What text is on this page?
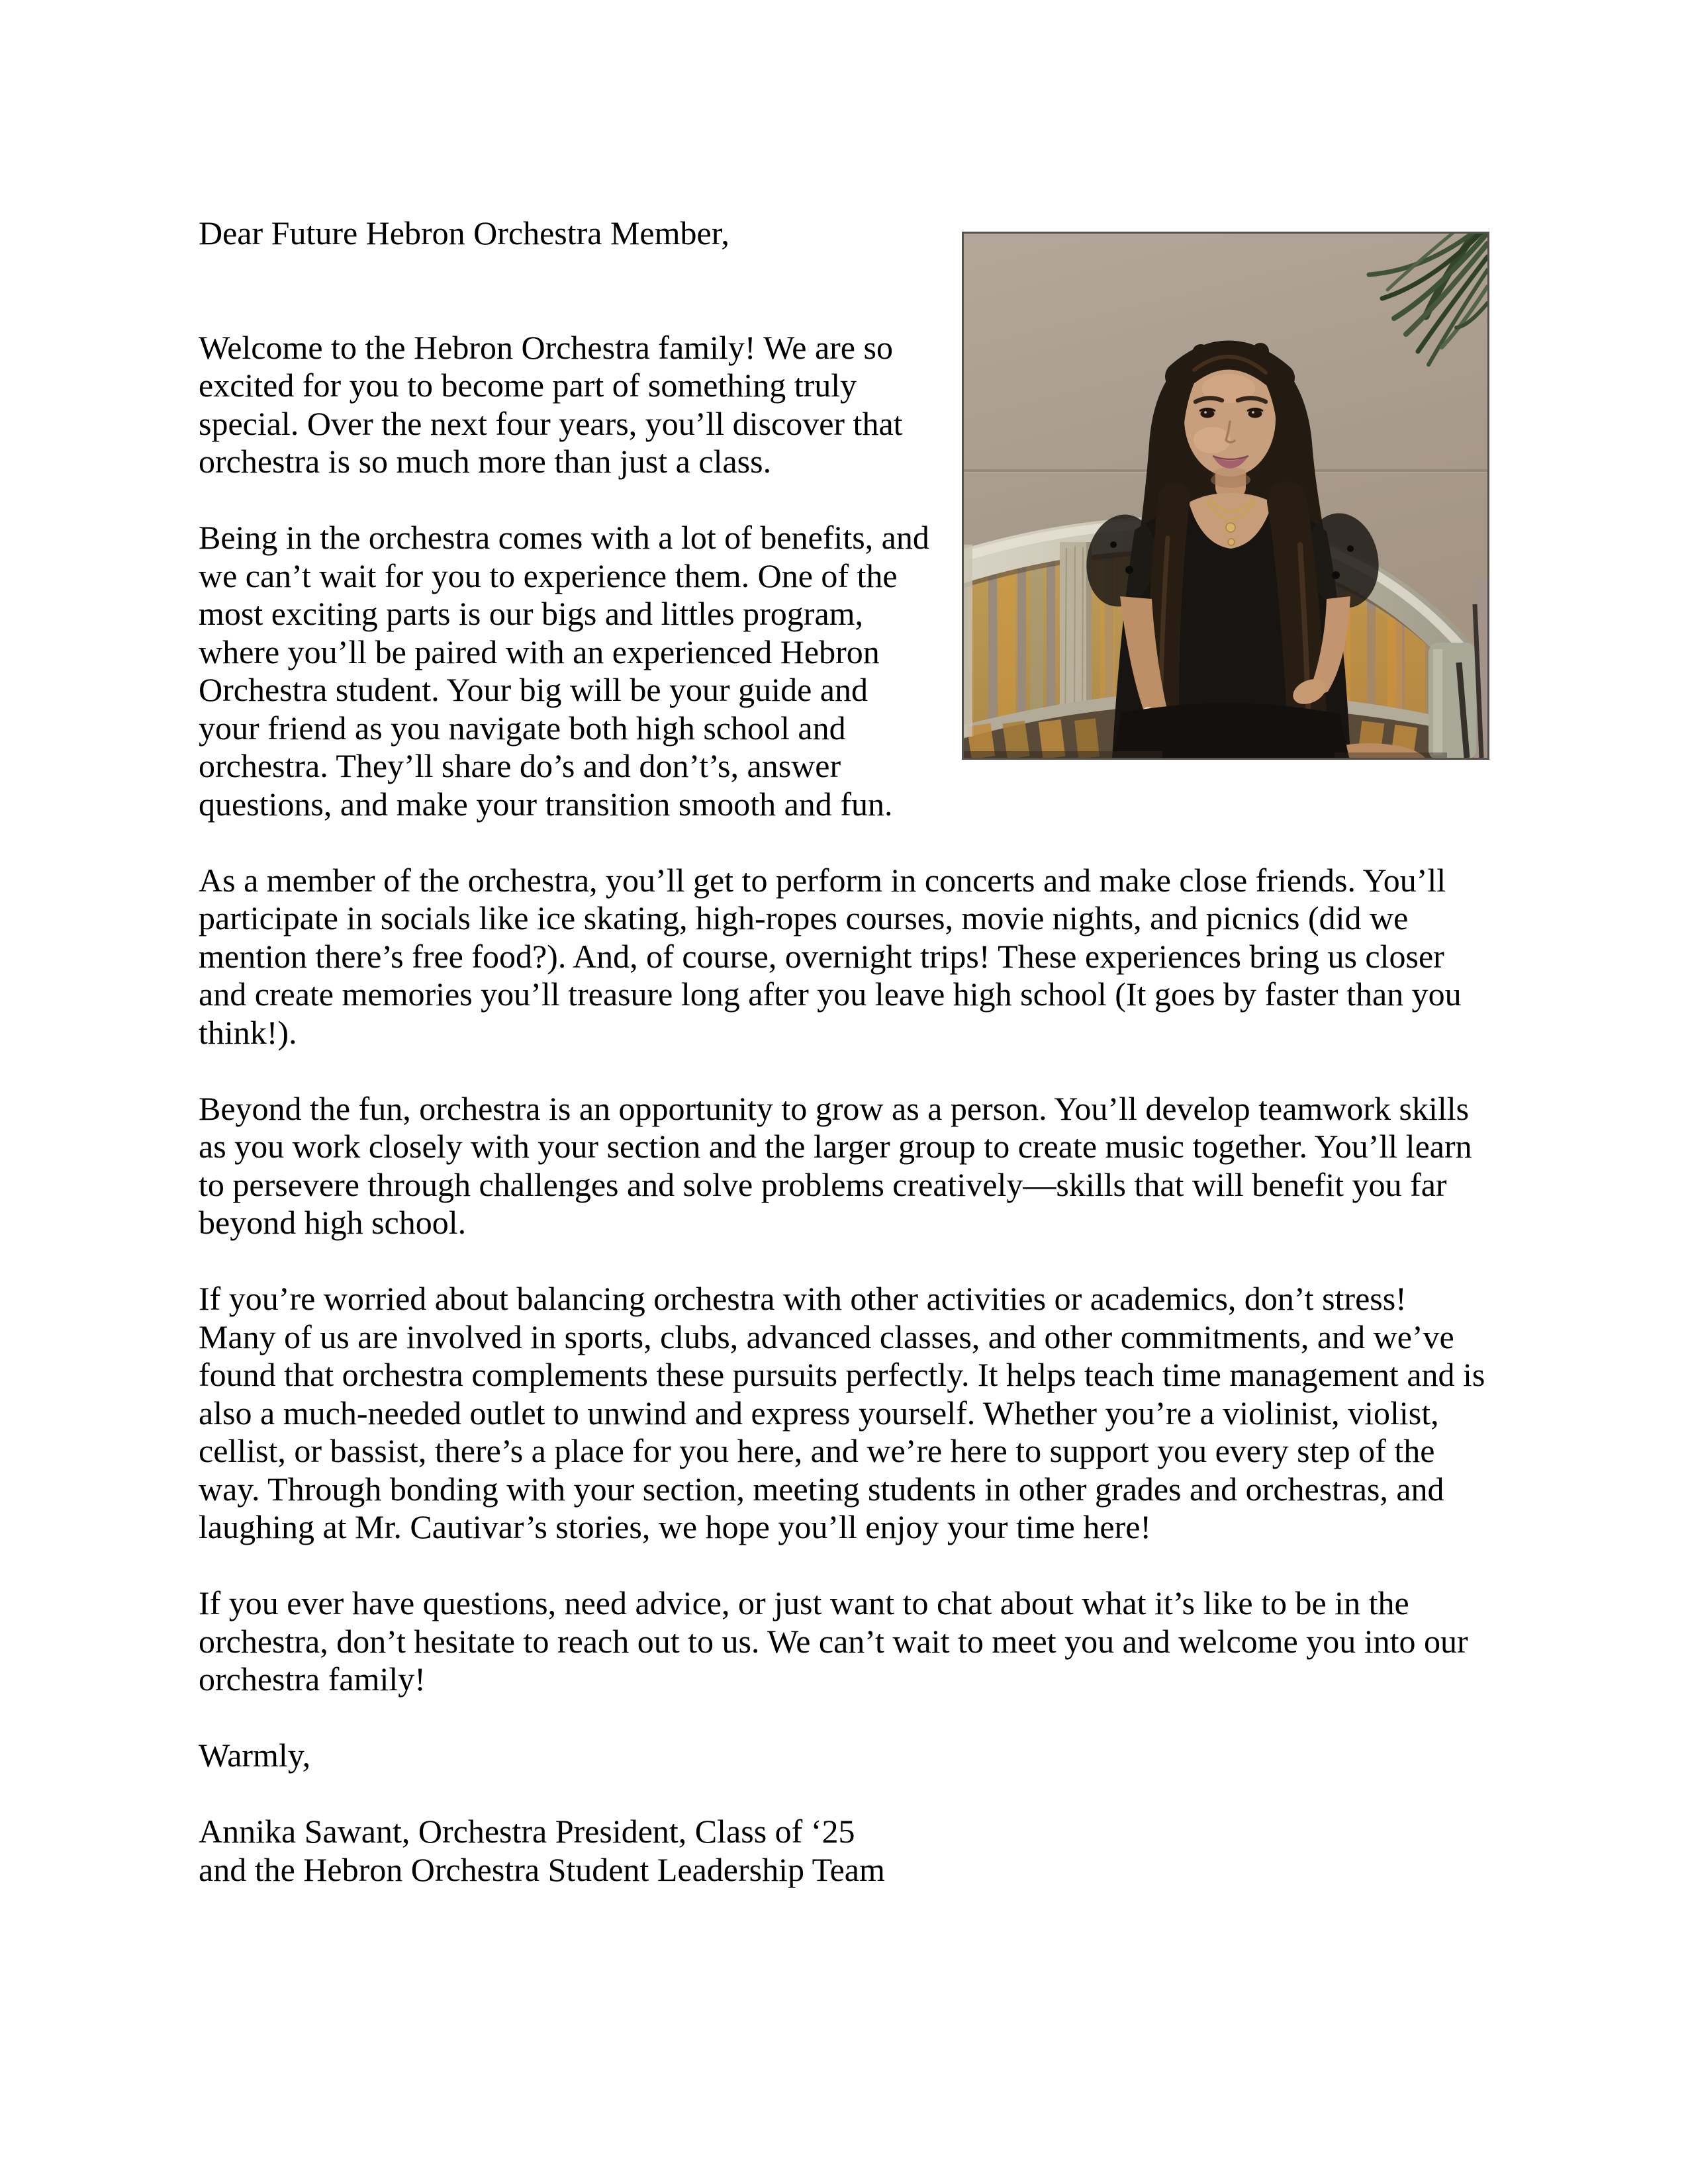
Dear Future Hebron Orchestra Member,

Welcome to the Hebron Orchestra family! We are so excited for you to become part of something truly special. Over the next four years, you’ll discover that orchestra is so much more than just a class.

Being in the orchestra comes with a lot of benefits, and we can’t wait for you to experience them. One of the most exciting parts is our bigs and littles program, where you’ll be paired with an experienced Hebron Orchestra student. Your big will be your guide and your friend as you navigate both high school and orchestra. They’ll share do’s and don’t’s, answer questions, and make your transition smooth and fun.

As a member of the orchestra, you’ll get to perform in concerts and make close friends. You’ll participate in socials like ice skating, high-ropes courses, movie nights, and picnics (did we mention there’s free food?). And, of course, overnight trips! These experiences bring us closer and create memories you’ll treasure long after you leave high school (It goes by faster than you think!).

Beyond the fun, orchestra is an opportunity to grow as a person. You’ll develop teamwork skills as you work closely with your section and the larger group to create music together. You’ll learn to persevere through challenges and solve problems creatively—skills that will benefit you far beyond high school.

If you’re worried about balancing orchestra with other activities or academics, don’t stress! Many of us are involved in sports, clubs, advanced classes, and other commitments, and we’ve found that orchestra complements these pursuits perfectly. It helps teach time management and is also a much-needed outlet to unwind and express yourself. Whether you’re a violinist, violist, cellist, or bassist, there’s a place for you here, and we’re here to support you every step of the way. Through bonding with your section, meeting students in other grades and orchestras, and laughing at Mr. Cautivar’s stories, we hope you’ll enjoy your time here!

If you ever have questions, need advice, or just want to chat about what it’s like to be in the orchestra, don’t hesitate to reach out to us. We can’t wait to meet you and welcome you into our orchestra family!

Warmly,

Annika Sawant, Orchestra President, Class of ‘25
and the Hebron Orchestra Student Leadership Team
